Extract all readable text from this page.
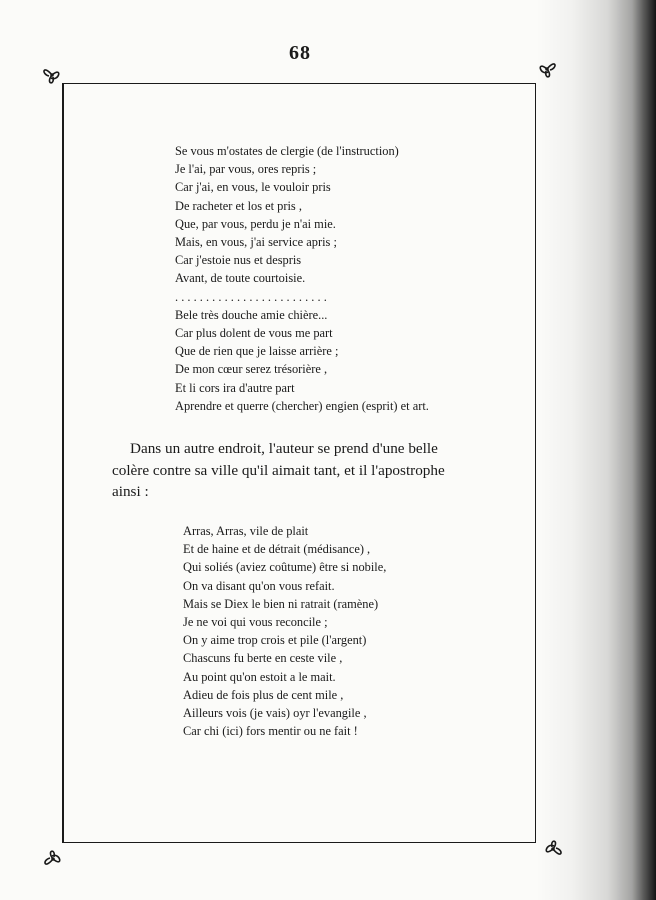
68
Se vous m'ostates de clergie (de l'instruction)
Je l'ai, par vous, ores repris ;
Car j'ai, en vous, le vouloir pris
De racheter et los et pris ,
Que, par vous, perdu je n'ai mie.
Mais, en vous, j'ai service apris ;
Car j'estoie nus et despris
Avant, de toute courtoisie.
. . . . . . . . . . . . . . . . . . . . . . . . .
Bele très douche amie chière...
Car plus dolent de vous me part
Que de rien que je laisse arrière ;
De mon cœur serez trésorière ,
Et li cors ira d'autre part
Aprendre et querre (chercher) engien (esprit) et art.

Dans un autre endroit, l'auteur se prend d'une belle
colère contre sa ville qu'il aimait tant, et il l'apostrophe
ainsi :

Arras, Arras, vile de plait
Et de haine et de détrait (médisance) ,
Qui soliés (aviez coûtume) être si nobile,
On va disant qu'on vous refait.
Mais se Diex le bien ni ratrait (ramène)
Je ne voi qui vous reconcile ;
On y aime trop crois et pile (l'argent)
Chascuns fu berte en ceste vile ,
Au point qu'on estoit a le mait.
Adieu de fois plus de cent mile ,
Ailleurs vois (je vais) oyr l'evangile ,
Car chi (ici) fors mentir ou ne fait !
